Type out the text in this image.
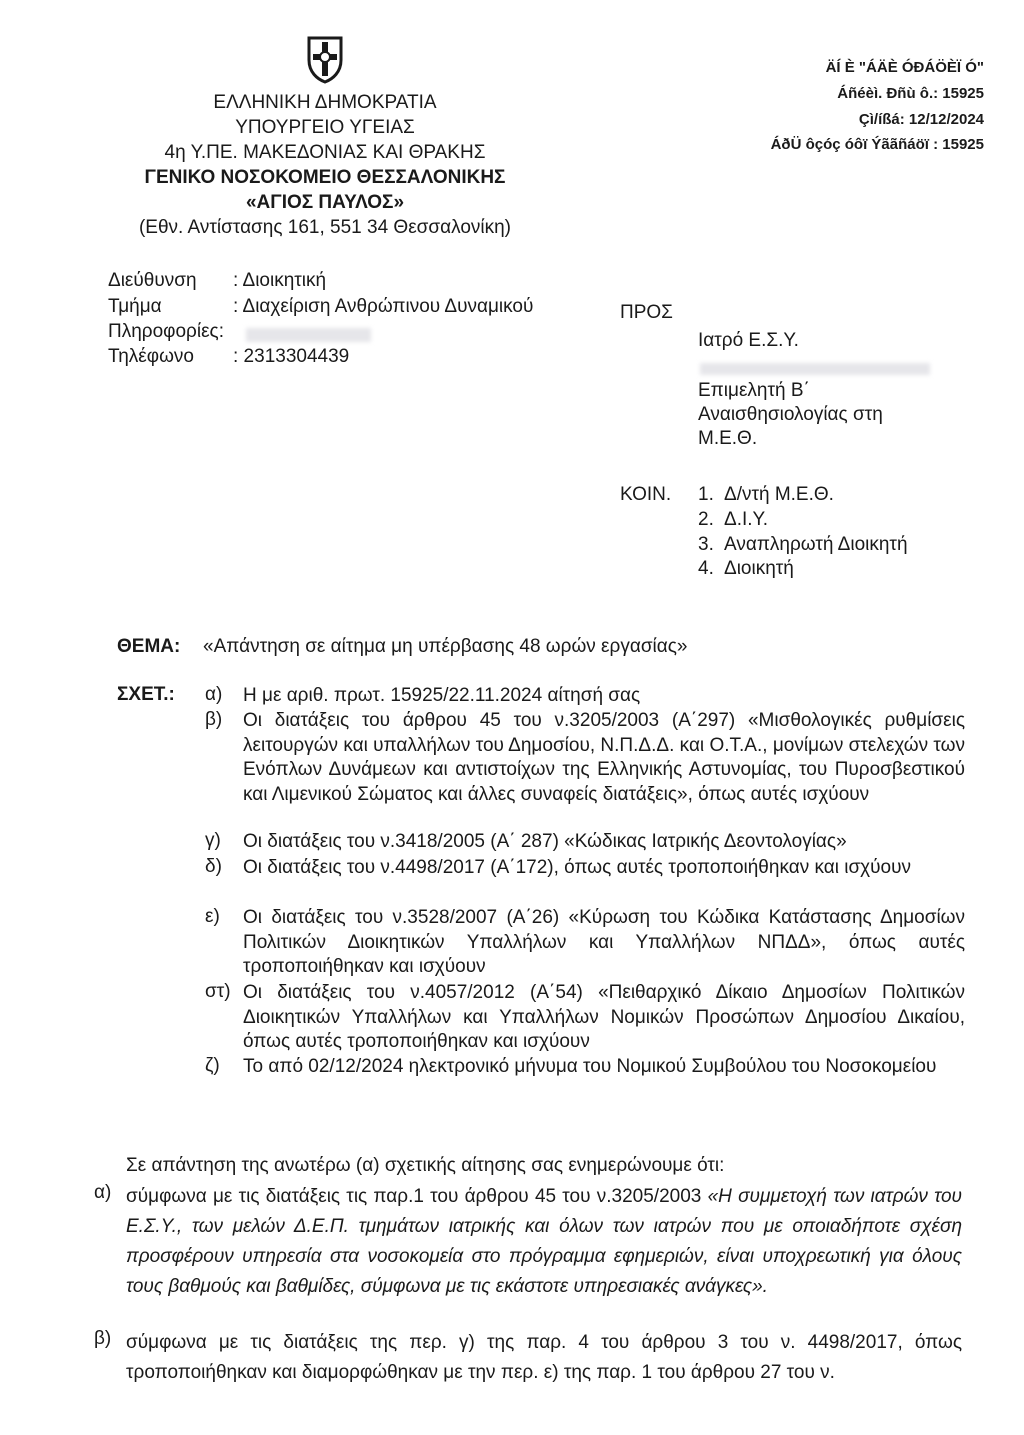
ΕΛΛΗΝΙΚΗ ΔΗΜΟΚΡΑΤΙΑ
ΥΠΟΥΡΓΕΙΟ ΥΓΕΙΑΣ
4η Υ.ΠΕ. ΜΑΚΕΔΟΝΙΑΣ ΚΑΙ ΘΡΑΚΗΣ
ΓΕΝΙΚΟ ΝΟΣΟΚΟΜΕΙΟ ΘΕΣΣΑΛΟΝΙΚΗΣ
«ΑΓΙΟΣ ΠΑΥΛΟΣ»
(Εθν. Αντίστασης 161, 551 34 Θεσσαλονίκη)
ÄÍ È "ÁÄÈ ÓÐÁÖÈÏ Ó"
Áñéèì. Ðñù ô.: 15925
Çì/íßá: 12/12/2024
ÁðÜ ôçóç óôï Ýããñáöï : 15925
Διεύθυνση	: Διοικητική
Τμήμα	: Διαχείριση Ανθρώπινου Δυναμικού
Πληροφορίες:
Τηλέφωνο	: 2313304439
ΠΡΟΣ
Ιατρό Ε.Σ.Υ.
Επιμελητή Β΄
Αναισθησιολογίας στη
Μ.Ε.Θ.
ΚΟΙΝ. 1. Δ/ντή Μ.Ε.Θ.
2. Δ.Ι.Υ.
3. Αναπληρωτή Διοικητή
4. Διοικητή
ΘΕΜΑ: «Απάντηση σε αίτημα μη υπέρβασης 48 ωρών εργασίας»
ΣΧΕΤ.: α)	Η με αριθ. πρωτ. 15925/22.11.2024 αίτησή σας
β)	Οι διατάξεις του άρθρου 45 του ν.3205/2003 (Α΄297) «Μισθολογικές ρυθμίσεις λειτουργών και υπαλλήλων του Δημοσίου, Ν.Π.Δ.Δ. και Ο.Τ.Α., μονίμων στελεχών των Ενόπλων Δυνάμεων και αντιστοίχων της Ελληνικής Αστυνομίας, του Πυροσβεστικού και Λιμενικού Σώματος και άλλες συναφείς διατάξεις», όπως αυτές ισχύουν
γ)	Οι διατάξεις του ν.3418/2005 (Α΄ 287) «Κώδικας Ιατρικής Δεοντολογίας»
δ)	Οι διατάξεις του ν.4498/2017 (Α΄172), όπως αυτές τροποποιήθηκαν και ισχύουν
ε)	Οι διατάξεις του ν.3528/2007 (Α΄26) «Κύρωση του Κώδικα Κατάστασης Δημοσίων Πολιτικών Διοικητικών Υπαλλήλων και Υπαλλήλων ΝΠΔΔ», όπως αυτές τροποποιήθηκαν και ισχύουν
στ) Οι διατάξεις του ν.4057/2012 (Α΄54) «Πειθαρχικό Δίκαιο Δημοσίων Πολιτικών Διοικητικών Υπαλλήλων και Υπαλλήλων Νομικών Προσώπων Δημοσίου Δικαίου, όπως αυτές τροποποιήθηκαν και ισχύουν
ζ)	Το από 02/12/2024 ηλεκτρονικό μήνυμα του Νομικού Συμβούλου του Νοσοκομείου
Σε απάντηση της ανωτέρω (α) σχετικής αίτησης σας ενημερώνουμε ότι:
α) σύμφωνα με τις διατάξεις τις παρ.1 του άρθρου 45 του ν.3205/2003 «Η συμμετοχή των ιατρών του Ε.Σ.Υ., των μελών Δ.Ε.Π. τμημάτων ιατρικής και όλων των ιατρών που με οποιαδήποτε σχέση προσφέρουν υπηρεσία στα νοσοκομεία στο πρόγραμμα εφημεριών, είναι υποχρεωτική για όλους τους βαθμούς και βαθμίδες, σύμφωνα με τις εκάστοτε υπηρεσιακές ανάγκες».
β) σύμφωνα με τις διατάξεις της περ. γ) της παρ. 4 του άρθρου 3 του ν. 4498/2017, όπως τροποποιήθηκαν και διαμορφώθηκαν με την περ. ε) της παρ. 1 του άρθρου 27 του ν.
